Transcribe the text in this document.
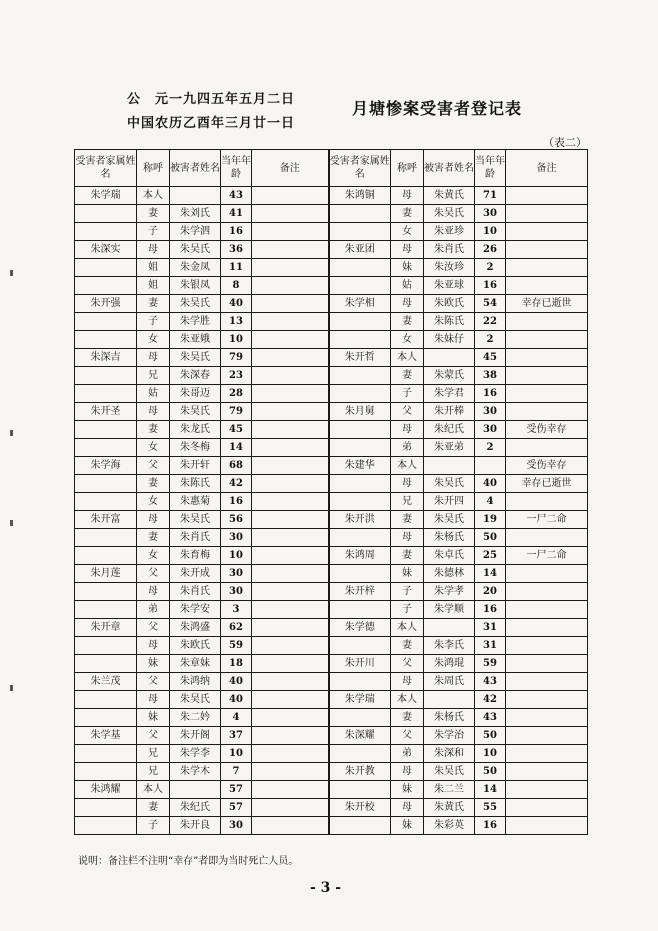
公　元一九四五年五月二日
中国农历乙酉年三月廿一日
月塘惨案受害者登记表
（表二）
受害者家属姓名	称呼	被害者姓名	当年年龄	备注	受害者家属姓名	称呼	被害者姓名	当年年龄	备注
朱学瑞	本人		43		朱鸿铜	母	朱黄氏	71	
	妻	朱刘氏	41			妻	朱吴氏	30	
	子	朱学泗	16			女	朱亚珍	10	
朱深实	母	朱吴氏	36		朱亚团	母	朱肖氏	26	
	姐	朱金凤	11			妹	朱汝珍	2	
	姐	朱银凤	8			姑	朱亚球	16	
朱开强	妻	朱吴氏	40		朱学相	母	朱欧氏	54	幸存已逝世
	子	朱学胜	13			妻	朱陈氏	22	
	女	朱亚娥	10			女	朱妹仔	2	
朱深吉	母	朱吴氏	79		朱开哲	本人		45	
	兄	朱深春	23			妻	朱蒙氏	38	
	姑	朱哥迈	28			子	朱学君	16	
朱开圣	母	朱吴氏	79		朱月舅	父	朱开棒	30	
	妻	朱龙氏	45			母	朱纪氏	30	受伤幸存
	女	朱冬梅	14			弟	朱亚弟	2	
朱学海	父	朱开轩	68		朱建华	本人			受伤幸存
	妻	朱陈氏	42			母	朱吴氏	40	幸存已逝世
	女	朱惠菊	16			兄	朱开四	4	
朱开富	母	朱吴氏	56		朱开洪	妻	朱吴氏	19	一尸二命
	妻	朱肖氏	30			母	朱杨氏	50	
	女	朱育梅	10		朱鸿周	妻	朱卓氏	25	一尸二命
朱月莲	父	朱开成	30			妹	朱德林	14	
	母	朱肖氏	30		朱开梓	子	朱学孝	20	
	弟	朱学安	3			子	朱学顺	16	
朱开章	父	朱鸿盛	62		朱学德	本人		31	
	母	朱欧氏	59			妻	朱李氏	31	
	妹	朱章妹	18		朱开川	父	朱鸿琨	59	
朱兰茂	父	朱鸿纳	40			母	朱周氏	43	
	母	朱吴氏	40		朱学瑞	本人		42	
	妹	朱二妗	4			妻	朱杨氏	43	
朱学基	父	朱开阁	37		朱深耀	父	朱学治	50	
	兄	朱学李	10			弟	朱深和	10	
	兄	朱学木	7		朱开教	母	朱吴氏	50	
朱鸿耀	本人		57			妹	朱二兰	14	
	妻	朱纪氏	57		朱开校	母	朱黄氏	55	
	子	朱开良	30			妹	朱彩英	16	
说明：备注栏不注明“幸存”者即为当时死亡人员。
- 3 -
